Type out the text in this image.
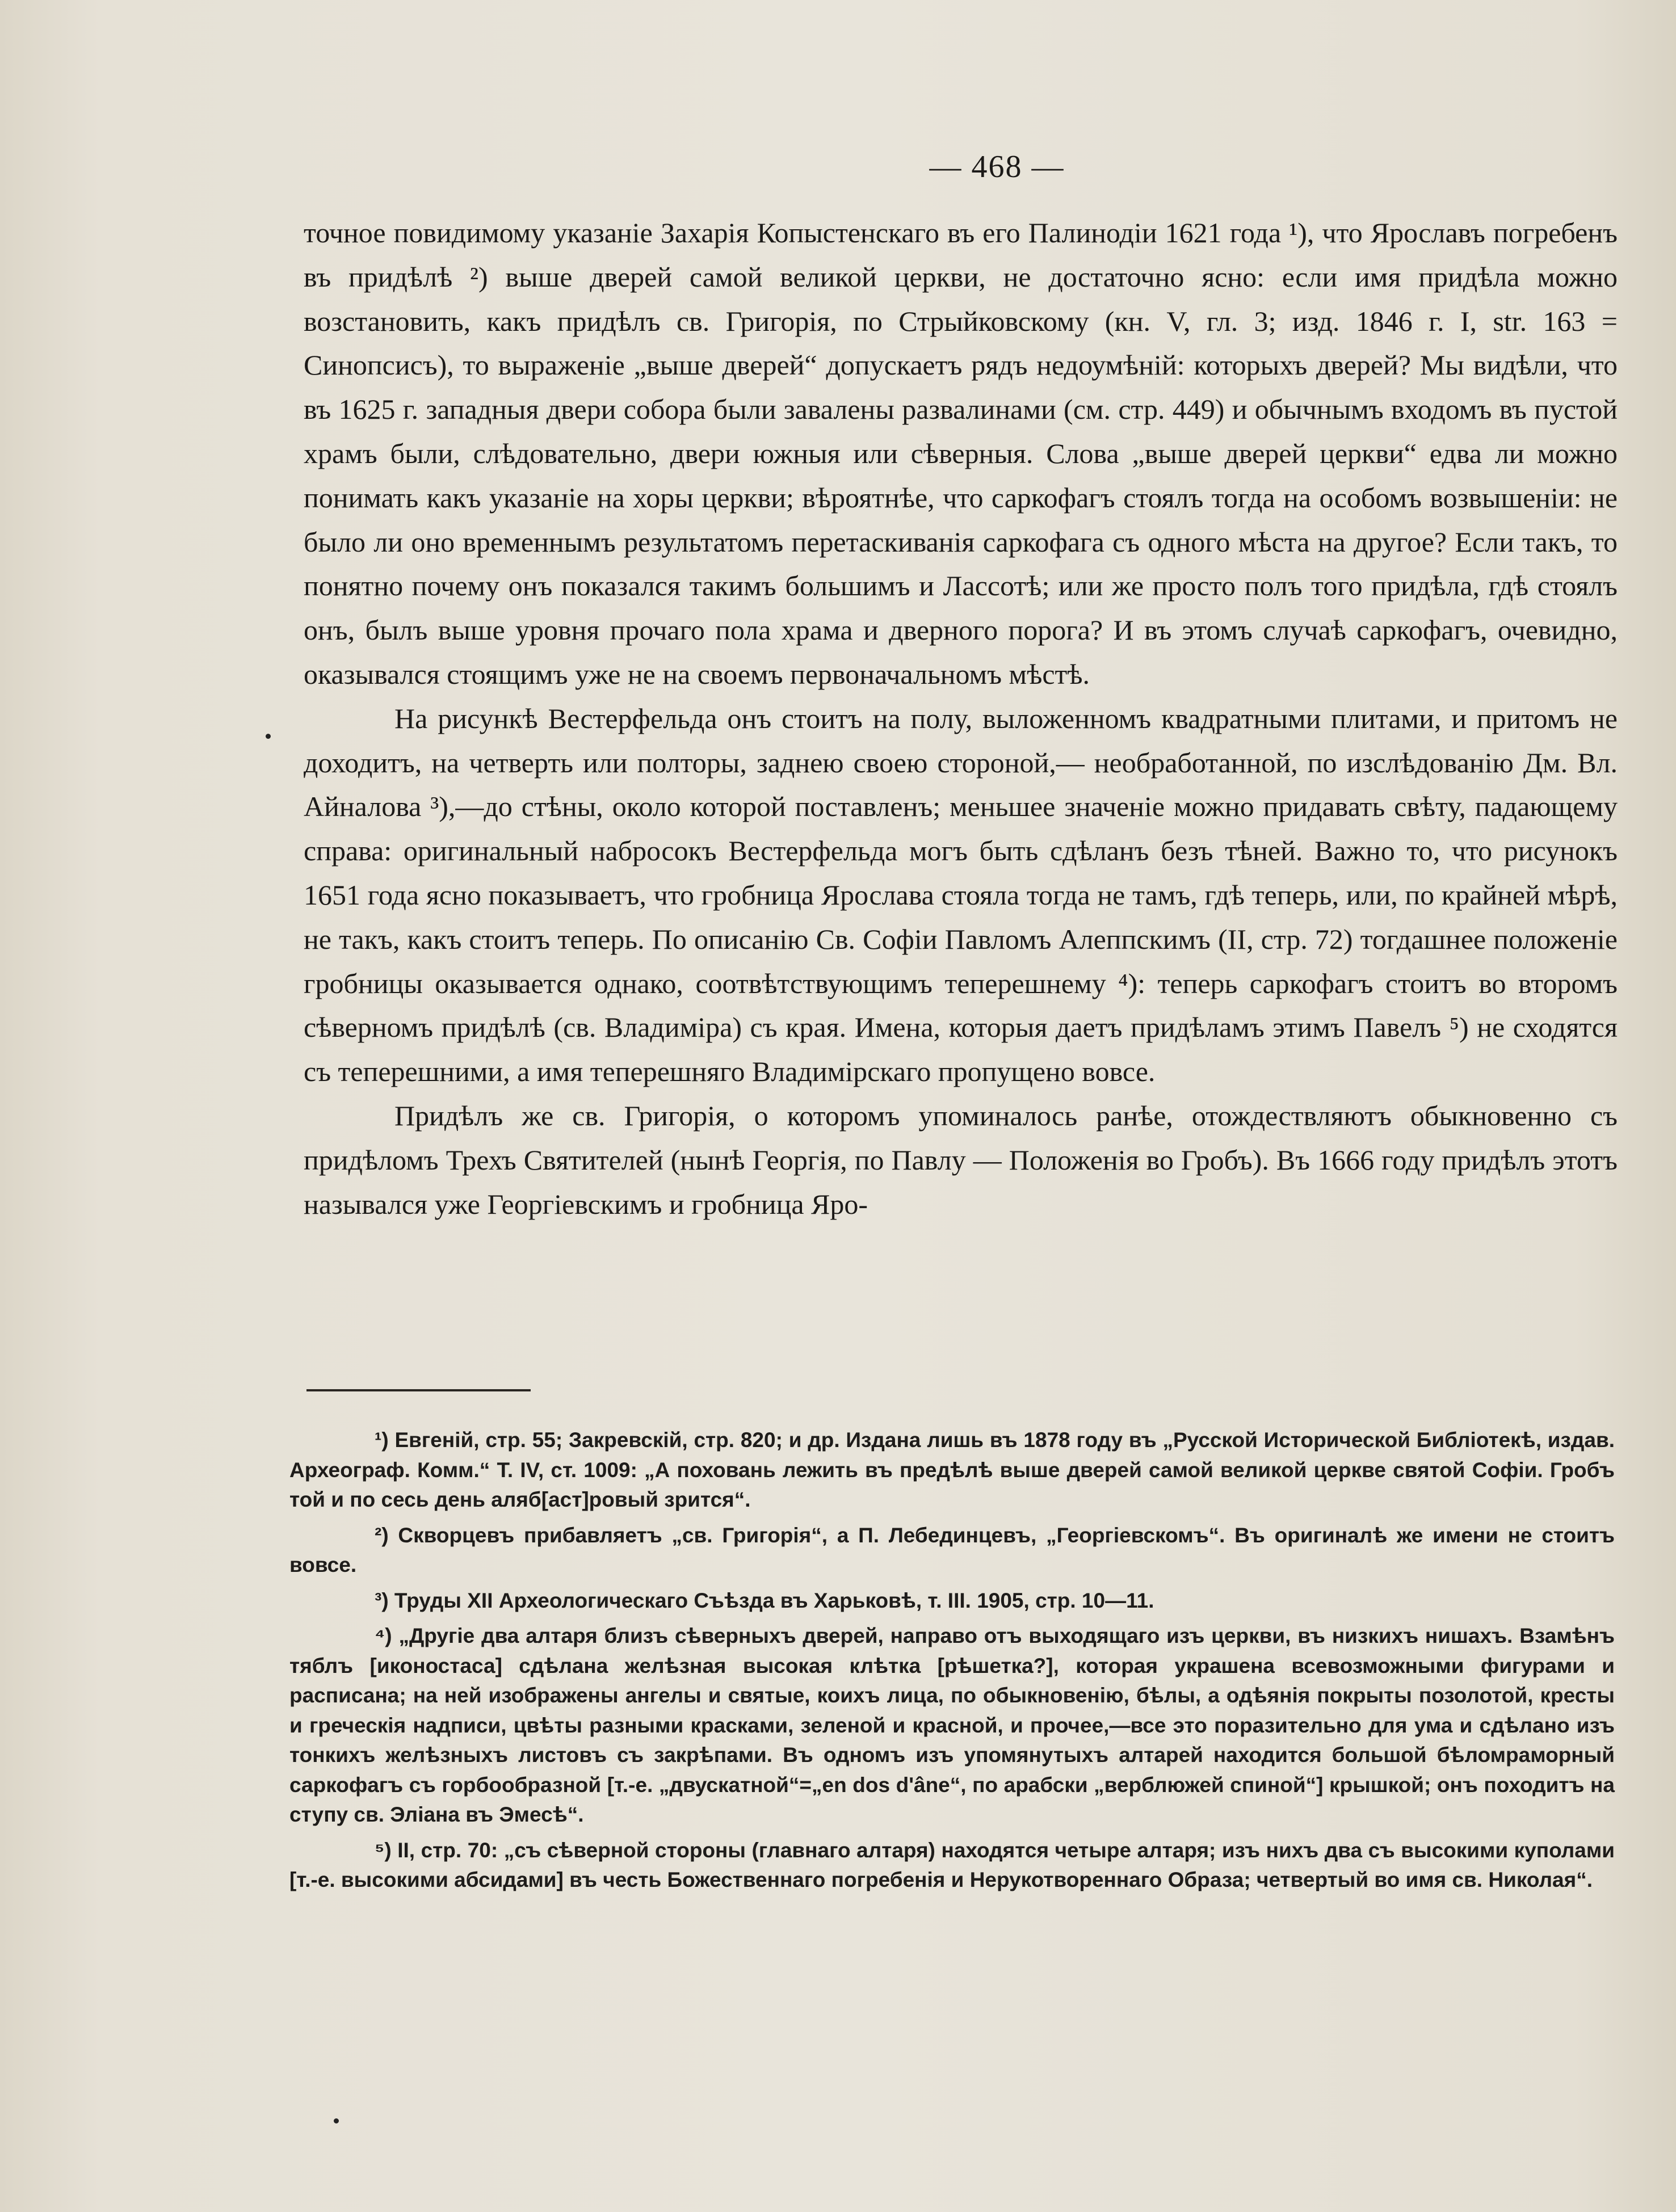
— 468 —

точное повидимому указаніе Захарія Копыстенскаго въ его Палинодіи 1621 года ¹), что Ярославъ погребенъ въ придѣлѣ ²) выше дверей самой великой церкви, не достаточно ясно: если имя придѣла можно возстановить, какъ придѣлъ св. Григорія, по Стрыйковскому (кн. V, гл. 3; изд. 1846 г. I, str. 163 = Синопсисъ), то выраженіе „выше дверей“ допускаетъ рядъ недоумѣній: которыхъ дверей? Мы видѣли, что въ 1625 г. западныя двери собора были завалены развалинами (см. стр. 449) и обычнымъ входомъ въ пустой храмъ были, слѣдовательно, двери южныя или сѣверныя. Слова „выше дверей церкви“ едва ли можно понимать какъ указаніе на хоры церкви; вѣроятнѣе, что саркофагъ стоялъ тогда на особомъ возвышеніи: не было ли оно временнымъ результатомъ перетаскиванія саркофага съ одного мѣста на другое? Если такъ, то понятно почему онъ показался такимъ большимъ и Лассотѣ; или же просто полъ того придѣла, гдѣ стоялъ онъ, былъ выше уровня прочаго пола храма и дверного порога? И въ этомъ случаѣ саркофагъ, очевидно, оказывался стоящимъ уже не на своемъ первоначальномъ мѣстѣ.

На рисункѣ Вестерфельда онъ стоитъ на полу, выложенномъ квадратными плитами, и притомъ не доходитъ, на четверть или полторы, заднею своею стороной,— необработанной, по изслѣдованію Дм. Вл. Айналова ³),—до стѣны, около которой поставленъ; меньшее значеніе можно придавать свѣту, падающему справа: оригинальный набросокъ Вестерфельда могъ быть сдѣланъ безъ тѣней. Важно то, что рисунокъ 1651 года ясно показываетъ, что гробница Ярослава стояла тогда не тамъ, гдѣ теперь, или, по крайней мѣрѣ, не такъ, какъ стоитъ теперь. По описанію Св. Софіи Павломъ Алеппскимъ (II, стр. 72) тогдашнее положеніе гробницы оказывается однако, соотвѣтствующимъ теперешнему ⁴): теперь саркофагъ стоитъ во второмъ сѣверномъ придѣлѣ (св. Владиміра) съ края. Имена, которыя даетъ придѣламъ этимъ Павелъ ⁵) не сходятся съ теперешними, а имя теперешняго Владимірскаго пропущено вовсе.

Придѣлъ же св. Григорія, о которомъ упоминалось ранѣе, отождествляютъ обыкновенно съ придѣломъ Трехъ Святителей (нынѣ Георгія, по Павлу — Положенія во Гробъ). Въ 1666 году придѣлъ этотъ назывался уже Георгіевскимъ и гробница Яро-

¹) Евгеній, стр. 55; Закревскій, стр. 820; и др. Издана лишь въ 1878 году въ „Русской Исторической Библіотекѣ, издав. Археограф. Комм.“ Т. IV, ст. 1009: „А поховань лежить въ предѣлѣ выше дверей самой великой церкве святой Софіи. Гробъ той и по сесь день аляб[аст]ровый зрится“.

²) Скворцевъ прибавляетъ „св. Григорія“, а П. Лебединцевъ, „Георгіевскомъ“. Въ оригиналѣ же имени не стоитъ вовсе.

³) Труды XII Археологическаго Съѣзда въ Харьковѣ, т. III. 1905, стр. 10—11.

⁴) „Другіе два алтаря близъ сѣверныхъ дверей, направо отъ выходящаго изъ церкви, въ низкихъ нишахъ. Взамѣнъ тяблъ [иконостаса] сдѣлана желѣзная высокая клѣтка [рѣшетка?], которая украшена всевозможными фигурами и расписана; на ней изображены ангелы и святые, коихъ лица, по обыкновенію, бѣлы, а одѣянія покрыты позолотой, кресты и греческія надписи, цвѣты разными красками, зеленой и красной, и прочее,—все это поразительно для ума и сдѣлано изъ тонкихъ желѣзныхъ листовъ съ закрѣпами. Въ одномъ изъ упомянутыхъ алтарей находится большой бѣломраморный саркофагъ съ горбообразной [т.-е. „двускатной“=„en dos d'âne“, по арабски „верблюжей спиной“] крышкой; онъ походитъ на ступу св. Эліана въ Эмесѣ“.

⁵) II, стр. 70: „съ сѣверной стороны (главнаго алтаря) находятся четыре алтаря; изъ нихъ два съ высокими куполами [т.-е. высокими абсидами] въ честь Божественнаго погребенія и Нерукотвореннаго Образа; четвертый во имя св. Николая“.
